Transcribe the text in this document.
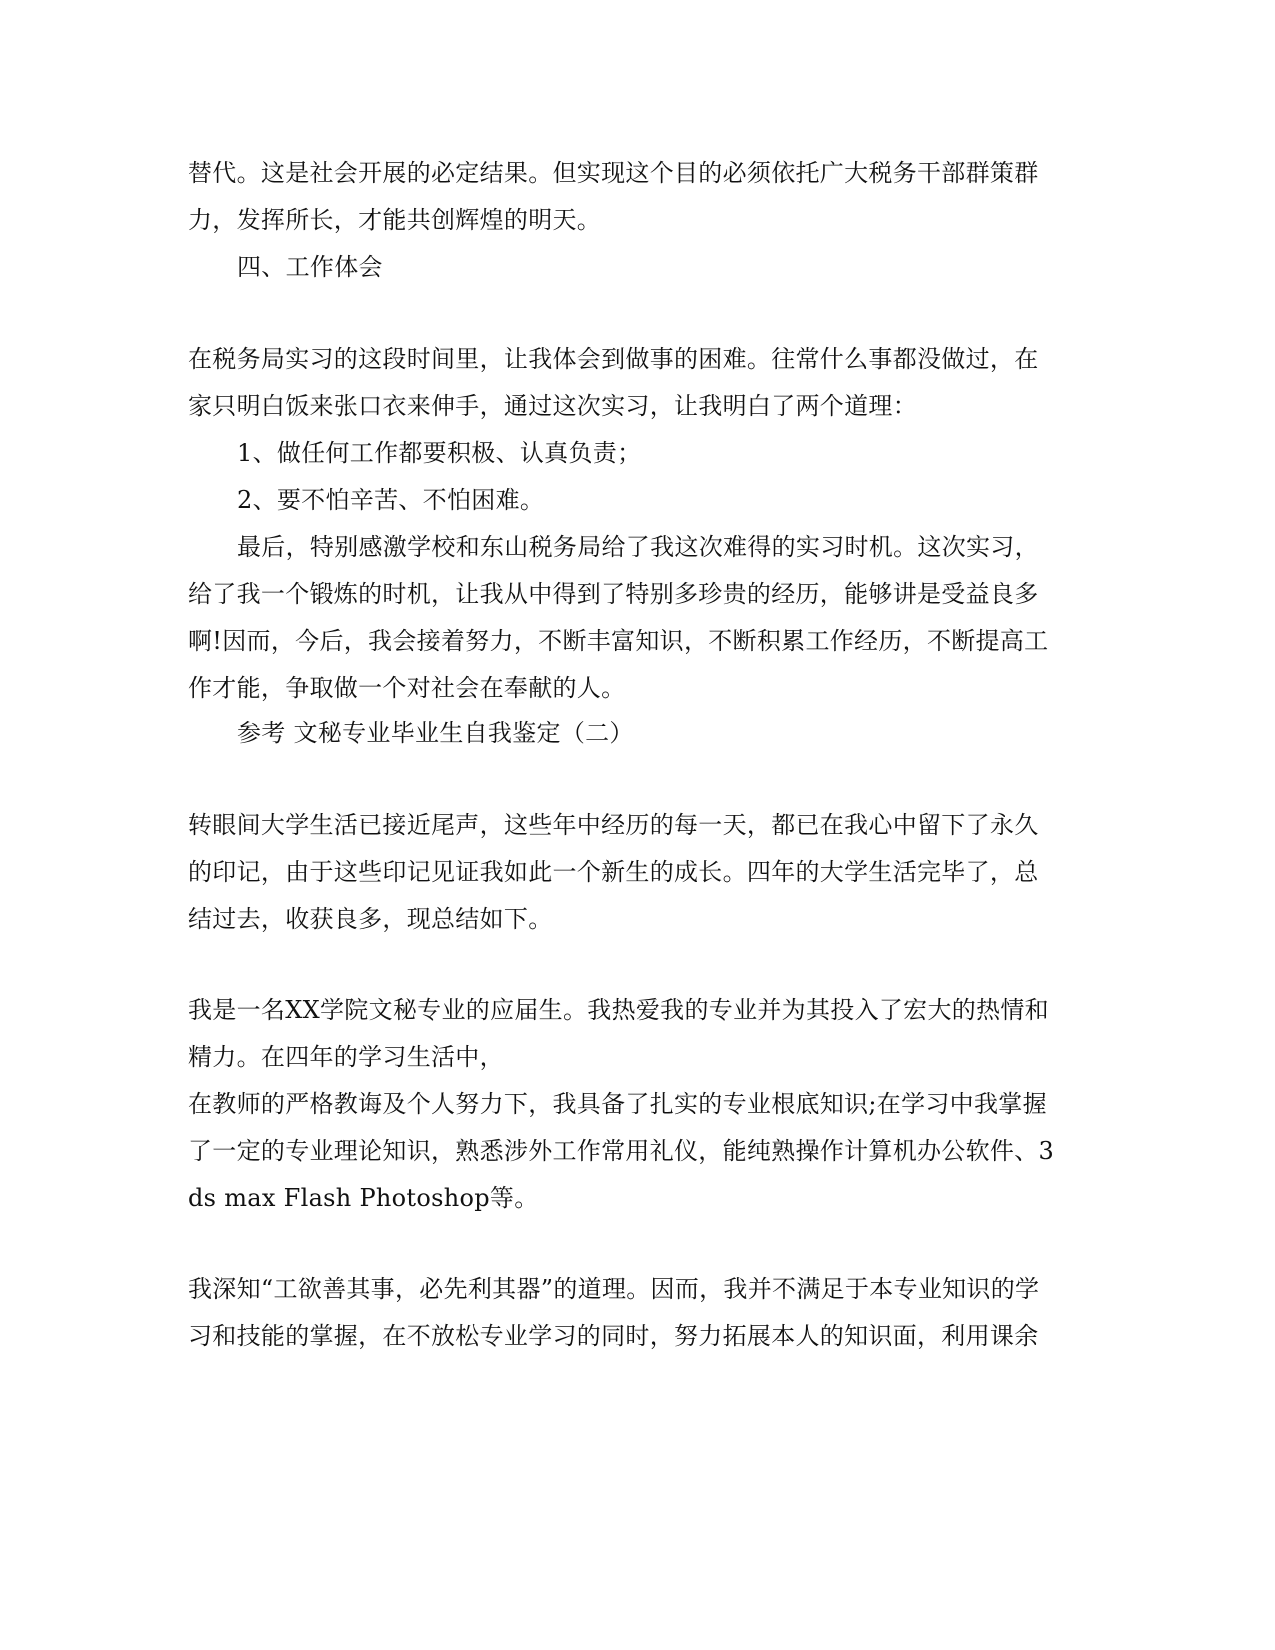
替代。这是社会开展的必定结果。但实现这个目的必须依托广大税务干部群策群
力，发挥所长，才能共创辉煌的明天。
四、工作体会
在税务局实习的这段时间里，让我体会到做事的困难。往常什么事都没做过，在
家只明白饭来张口衣来伸手，通过这次实习，让我明白了两个道理：
1、做任何工作都要积极、认真负责；
2、要不怕辛苦、不怕困难。
最后，特别感激学校和东山税务局给了我这次难得的实习时机。这次实习，
给了我一个锻炼的时机，让我从中得到了特别多珍贵的经历，能够讲是受益良多
啊!因而，今后，我会接着努力，不断丰富知识，不断积累工作经历，不断提高工
作才能，争取做一个对社会在奉献的人。
参考 文秘专业毕业生自我鉴定（二）
转眼间大学生活已接近尾声，这些年中经历的每一天，都已在我心中留下了永久
的印记，由于这些印记见证我如此一个新生的成长。四年的大学生活完毕了，总
结过去，收获良多，现总结如下。
我是一名XX学院文秘专业的应届生。我热爱我的专业并为其投入了宏大的热情和
精力。在四年的学习生活中，
在教师的严格教诲及个人努力下，我具备了扎实的专业根底知识;在学习中我掌握
了一定的专业理论知识，熟悉涉外工作常用礼仪，能纯熟操作计算机办公软件、3
ds max Flash Photoshop等。
我深知“工欲善其事，必先利其器”的道理。因而，我并不满足于本专业知识的学
习和技能的掌握，在不放松专业学习的同时，努力拓展本人的知识面，利用课余
